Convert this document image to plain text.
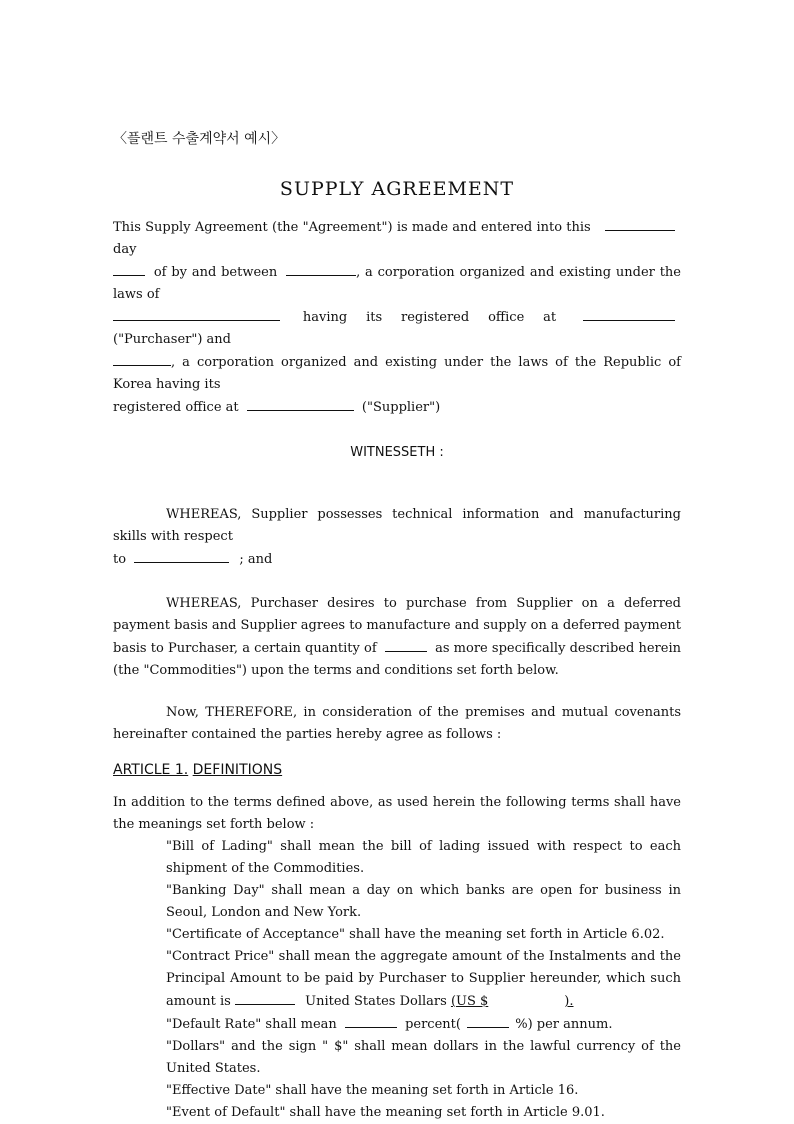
〈플랜트 수출계약서 예시〉

SUPPLY AGREEMENT

This Supply Agreement (the "Agreement") is made and entered into this  day

of by and between	, a corporation organized and existing under the laws of

having its registered office at  ("Purchaser") and

, a corporation organized and existing under the laws of the Republic of Korea having its

registered office at	("Supplier")

WITNESSETH :

WHEREAS, Supplier possesses technical information and manufacturing skills with respect

to	; and

WHEREAS, Purchaser desires to purchase from Supplier on a deferred payment basis and Supplier agrees to manufacture and supply on a deferred payment basis to Purchaser, a certain quantity of	as more specifically described herein (the "Commodities") upon the terms and conditions set forth below.

Now, THEREFORE, in consideration of the premises and mutual covenants hereinafter contained the parties hereby agree as follows :

ARTICLE 1. DEFINITIONS

In addition to the terms defined above, as used herein the following terms shall have the meanings set forth below :

"Bill of Lading" shall mean the bill of lading issued with respect to each shipment of the Commodities.

"Banking Day" shall mean a day on which banks are open for business in Seoul, London and New York.

"Certificate of Acceptance" shall have the meaning set forth in Article 6.02.

"Contract Price" shall mean the aggregate amount of the Instalments and the Principal Amount to be paid by Purchaser to Supplier hereunder, which such amount is	United States Dollars (US $	).

"Default Rate" shall mean	percent(	%) per annum.

"Dollars" and the sign " $" shall mean dollars in the lawful currency of the United States.

"Effective Date" shall have the meaning set forth in Article 16.

"Event of Default" shall have the meaning set forth in Article 9.01.
